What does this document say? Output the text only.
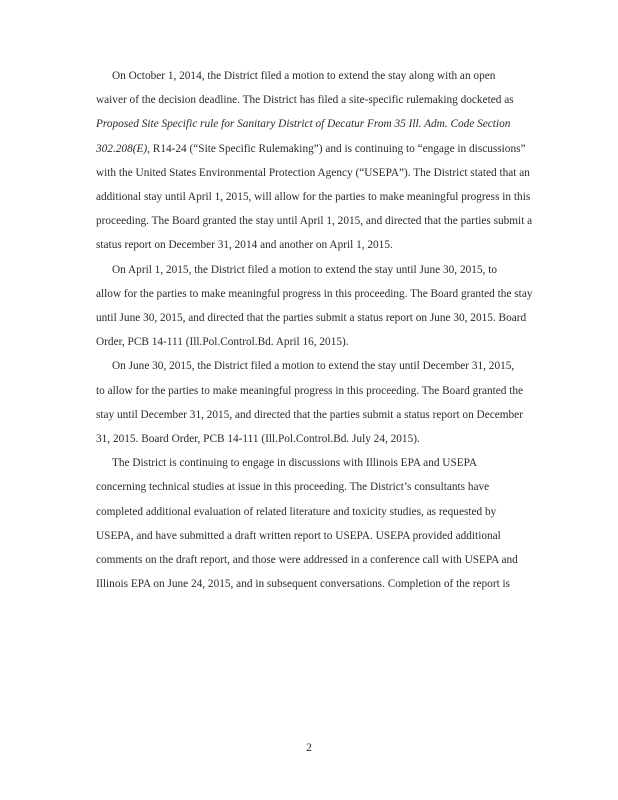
On October 1, 2014, the District filed a motion to extend the stay along with an open
waiver of the decision deadline. The District has filed a site-specific rulemaking docketed as
Proposed Site Specific rule for Sanitary District of Decatur From 35 Ill. Adm. Code Section
302.208(E), R14-24 (“Site Specific Rulemaking”) and is continuing to “engage in discussions”
with the United States Environmental Protection Agency (“USEPA”). The District stated that an
additional stay until April 1, 2015, will allow for the parties to make meaningful progress in this
proceeding. The Board granted the stay until April 1, 2015, and directed that the parties submit a
status report on December 31, 2014 and another on April 1, 2015.
On April 1, 2015, the District filed a motion to extend the stay until June 30, 2015, to
allow for the parties to make meaningful progress in this proceeding. The Board granted the stay
until June 30, 2015, and directed that the parties submit a status report on June 30, 2015. Board
Order, PCB 14-111 (Ill.Pol.Control.Bd. April 16, 2015).
On June 30, 2015, the District filed a motion to extend the stay until December 31, 2015,
to allow for the parties to make meaningful progress in this proceeding. The Board granted the
stay until December 31, 2015, and directed that the parties submit a status report on December
31, 2015. Board Order, PCB 14-111 (Ill.Pol.Control.Bd. July 24, 2015).
The District is continuing to engage in discussions with Illinois EPA and USEPA
concerning technical studies at issue in this proceeding. The District’s consultants have
completed additional evaluation of related literature and toxicity studies, as requested by
USEPA, and have submitted a draft written report to USEPA. USEPA provided additional
comments on the draft report, and those were addressed in a conference call with USEPA and
Illinois EPA on June 24, 2015, and in subsequent conversations. Completion of the report is
2
